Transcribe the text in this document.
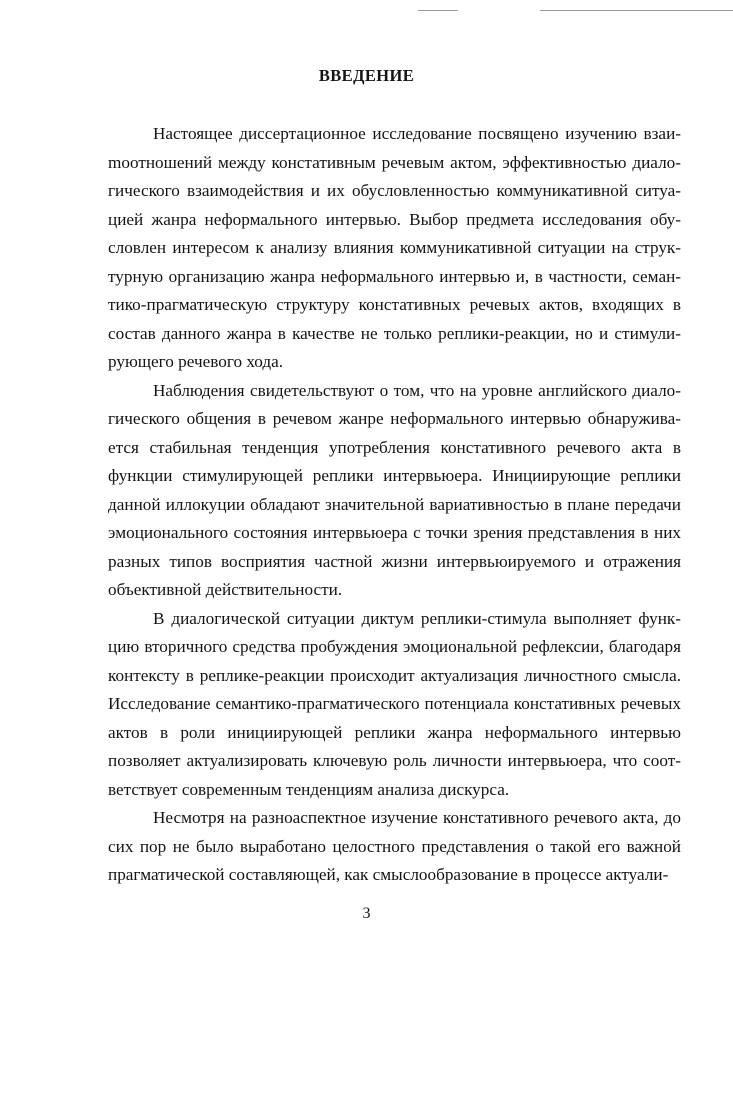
ВВЕДЕНИЕ

Настоящее диссертационное исследование посвящено изучению взаиmоотношений между констативным речевым актом, эффективностью диалогического взаимодействия и их обусловленностью коммуникативной ситуацией жанра неформального интервью. Выбор предмета исследования обусловлен интересом к анализу влияния коммуникативной ситуации на структурную организацию жанра неформального интервью и, в частности, семантико-прагматическую структуру констативных речевых актов, входящих в состав данного жанра в качестве не только реплики-реакции, но и стимулирующего речевого хода.

Наблюдения свидетельствуют о том, что на уровне английского диалогического общения в речевом жанре неформального интервью обнаруживается стабильная тенденция употребления констативного речевого акта в функции стимулирующей реплики интервьюера. Инициирующие реплики данной иллокуции обладают значительной вариативностью в плане передачи эмоционального состояния интервьюера с точки зрения представления в них разных типов восприятия частной жизни интервьюируемого и отражения объективной действительности.

В диалогической ситуации диктум реплики-стимула выполняет функцию вторичного средства пробуждения эмоциональной рефлексии, благодаря контексту в реплике-реакции происходит актуализация личностного смысла. Исследование семантико-прагматического потенциала констативных речевых актов в роли инициирующей реплики жанра неформального интервью позволяет актуализировать ключевую роль личности интервьюера, что соответствует современным тенденциям анализа дискурса.

Несмотря на разноаспектное изучение констативного речевого акта, до сих пор не было выработано целостного представления о такой его важной прагматической составляющей, как смыслообразование в процессе актуали-

3
